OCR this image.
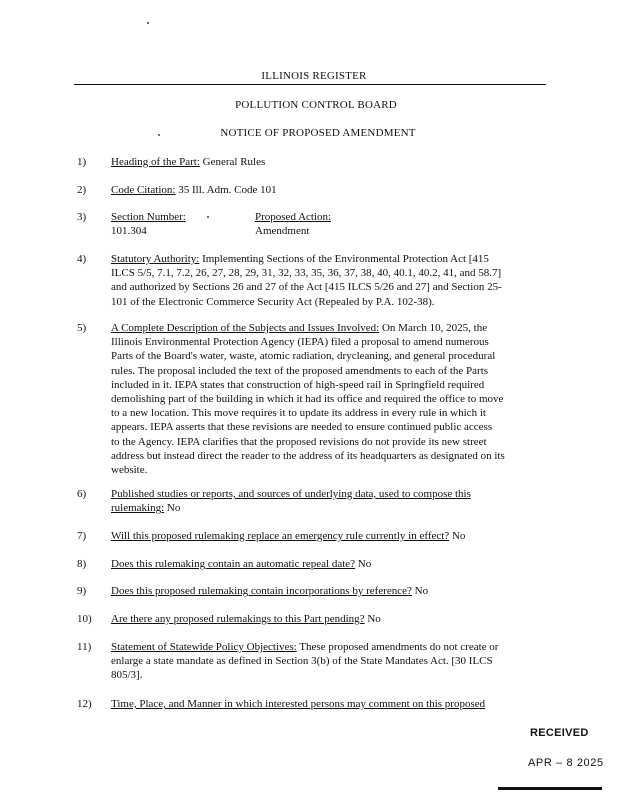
ILLINOIS REGISTER
POLLUTION CONTROL BOARD
NOTICE OF PROPOSED AMENDMENT
1) Heading of the Part: General Rules
2) Code Citation: 35 Ill. Adm. Code 101
3) Section Number:
101.304
Proposed Action:
Amendment
4) Statutory Authority: Implementing Sections of the Environmental Protection Act [415
ILCS 5/5, 7.1, 7.2, 26, 27, 28, 29, 31, 32, 33, 35, 36, 37, 38, 40, 40.1, 40.2, 41, and 58.7]
and authorized by Sections 26 and 27 of the Act [415 ILCS 5/26 and 27] and Section 25-
101 of the Electronic Commerce Security Act (Repealed by P.A. 102-38).
5) A Complete Description of the Subjects and Issues Involved: On March 10, 2025, the
Illinois Environmental Protection Agency (IEPA) filed a proposal to amend numerous
Parts of the Board's water, waste, atomic radiation, drycleaning, and general procedural
rules. The proposal included the text of the proposed amendments to each of the Parts
included in it. IEPA states that construction of high-speed rail in Springfield required
demolishing part of the building in which it had its office and required the office to move
to a new location. This move requires it to update its address in every rule in which it
appears. IEPA asserts that these revisions are needed to ensure continued public access
to the Agency. IEPA clarifies that the proposed revisions do not provide its new street
address but instead direct the reader to the address of its headquarters as designated on its
website.
6) Published studies or reports, and sources of underlying data, used to compose this
rulemaking: No
7) Will this proposed rulemaking replace an emergency rule currently in effect? No
8) Does this rulemaking contain an automatic repeal date? No
9) Does this proposed rulemaking contain incorporations by reference? No
10) Are there any proposed rulemakings to this Part pending? No
11) Statement of Statewide Policy Objectives: These proposed amendments do not create or
enlarge a state mandate as defined in Section 3(b) of the State Mandates Act. [30 ILCS
805/3].
12) Time, Place, and Manner in which interested persons may comment on this proposed
RECEIVED
APR – 8 2025
